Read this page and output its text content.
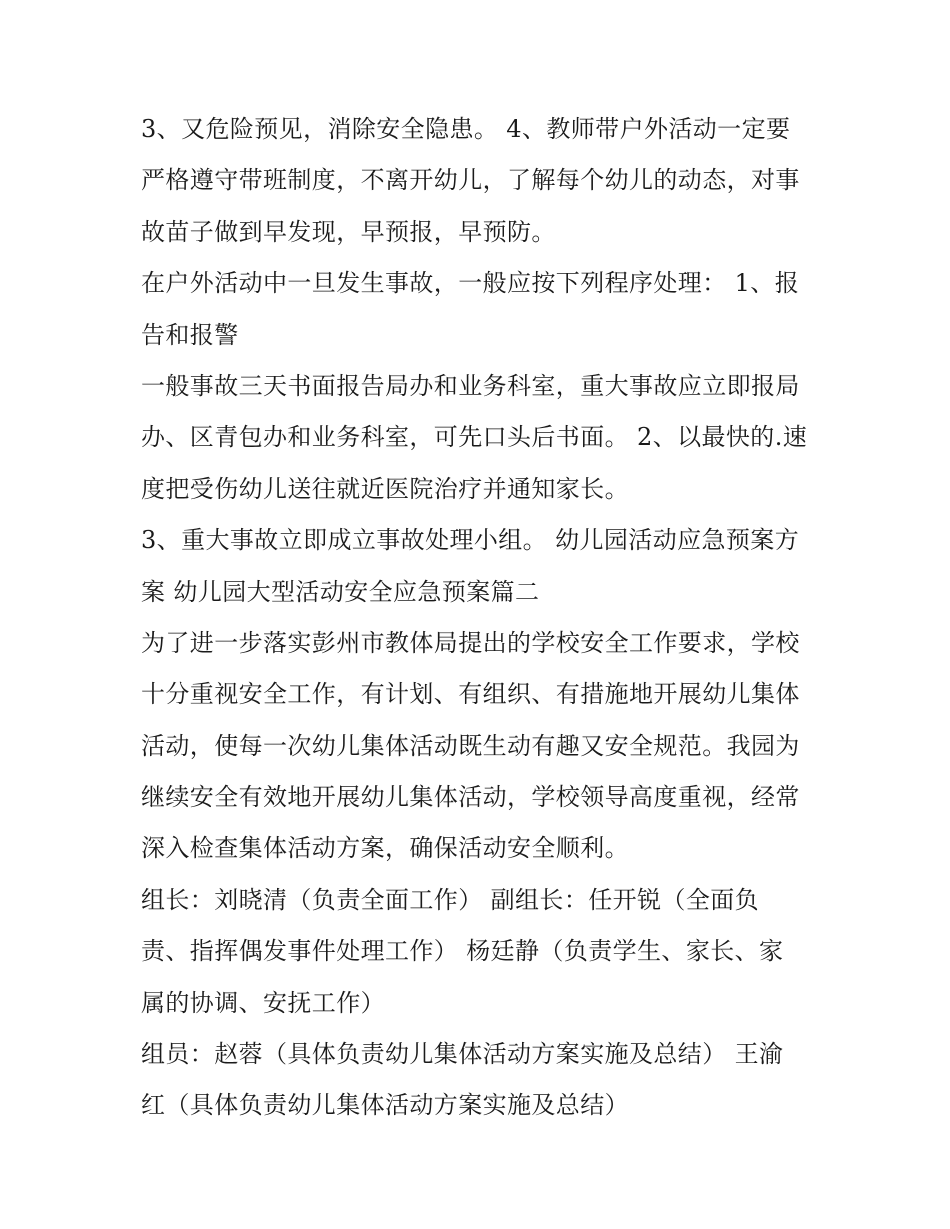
3、又危险预见，消除安全隐患。 4、教师带户外活动一定要
严格遵守带班制度，不离开幼儿，了解每个幼儿的动态，对事
故苗子做到早发现，早预报，早预防。
在户外活动中一旦发生事故，一般应按下列程序处理： 1、报
告和报警
一般事故三天书面报告局办和业务科室，重大事故应立即报局
办、区青包办和业务科室，可先口头后书面。 2、以最快的.速
度把受伤幼儿送往就近医院治疗并通知家长。
3、重大事故立即成立事故处理小组。 幼儿园活动应急预案方
案 幼儿园大型活动安全应急预案篇二
为了进一步落实彭州市教体局提出的学校安全工作要求，学校
十分重视安全工作，有计划、有组织、有措施地开展幼儿集体
活动，使每一次幼儿集体活动既生动有趣又安全规范。我园为
继续安全有效地开展幼儿集体活动，学校领导高度重视，经常
深入检查集体活动方案，确保活动安全顺利。
组长：刘晓清（负责全面工作） 副组长：任开锐（全面负
责、指挥偶发事件处理工作） 杨廷静（负责学生、家长、家
属的协调、安抚工作）
组员：赵蓉（具体负责幼儿集体活动方案实施及总结） 王渝
红（具体负责幼儿集体活动方案实施及总结）
